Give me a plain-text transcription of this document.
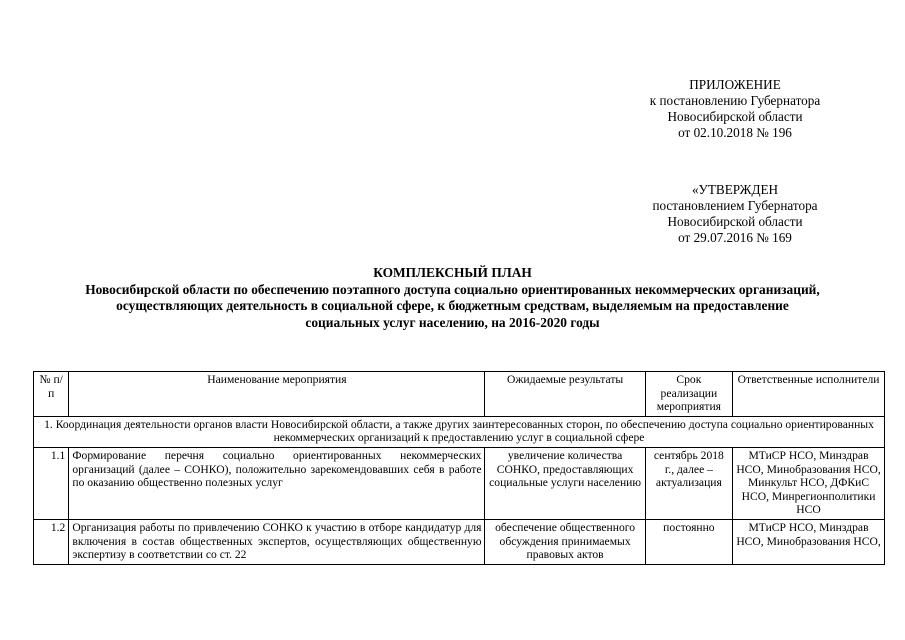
ПРИЛОЖЕНИЕ
к постановлению Губернатора
Новосибирской области
от 02.10.2018 № 196
«УТВЕРЖДЕН
постановлением Губернатора
Новосибирской области
от 29.07.2016 № 169
КОМПЛЕКСНЫЙ ПЛАН
Новосибирской области по обеспечению поэтапного доступа социально ориентированных некоммерческих организаций,
осуществляющих деятельность в социальной сфере, к бюджетным средствам, выделяемым на предоставление
социальных услуг населению, на 2016-2020 годы
№ п/п	Наименование мероприятия	Ожидаемые результаты	Срок реализации мероприятия	Ответственные исполнители
1. Координация деятельности органов власти Новосибирской области, а также других заинтересованных сторон, по обеспечению доступа социально ориентированных некоммерческих организаций к предоставлению услуг в социальной сфере				
1.1	Формирование перечня социально ориентированных некоммерческих организаций (далее – СОНКО), положительно зарекомендовавших себя в работе по оказанию общественно полезных услуг	увеличение количества СОНКО, предоставляющих социальные услуги населению	сентябрь 2018 г., далее – актуализация	МТиСР НСО, Минздрав НСО, Минобразования НСО, Минкульт НСО, ДФКиС НСО, Минрегионполитики НСО
1.2	Организация работы по привлечению СОНКО к участию в отборе кандидатур для включения в состав общественных экспертов, осуществляющих общественную экспертизу в соответствии со ст. 22	обеспечение общественного обсуждения принимаемых правовых актов	постоянно	МТиСР НСО, Минздрав НСО, Минобразования НСО,
